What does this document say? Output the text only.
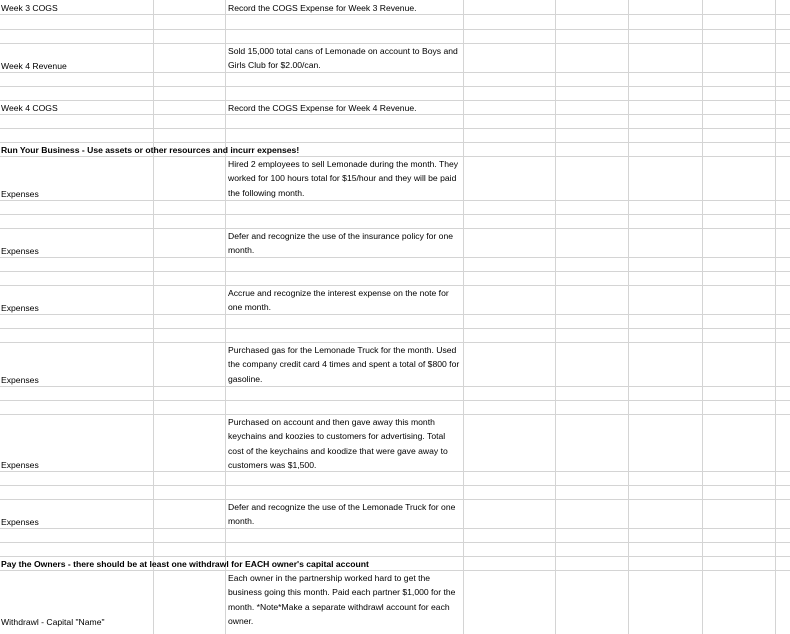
Week 3 COGS
Week 4 Revenue
Week 4 COGS
Run Your Business - Use assets or other resources and incurr expenses!
Expenses
Expenses
Expenses
Expenses
Expenses
Expenses
Pay the Owners - there should be at least one withdrawl for EACH owner's capital account
Withdrawl - Capital "Name"
Record the COGS Expense for Week 3 Revenue.
Sold 15,000 total cans of Lemonade on account to Boys and Girls Club for $2.00/can.
Record the COGS Expense for Week 4 Revenue.
Hired 2 employees to sell Lemonade during the month. They worked for 100 hours total for $15/hour and they will be paid the following month.
Defer and recognize the use of the insurance policy for one month.
Accrue and recognize the interest expense on the note for one month.
Purchased gas for the Lemonade Truck for the month. Used the company credit card 4 times and spent a total of $800 for gasoline.
Purchased on account and then gave away this month keychains and koozies to customers for advertising. Total cost of the keychains and koodize that were gave away to customers was $1,500.
Defer and recognize the use of the Lemonade Truck for one month.
Each owner in the partnership worked hard to get the business going this month. Paid each partner $1,000 for the month. *Note*Make a separate withdrawl account for each owner.
